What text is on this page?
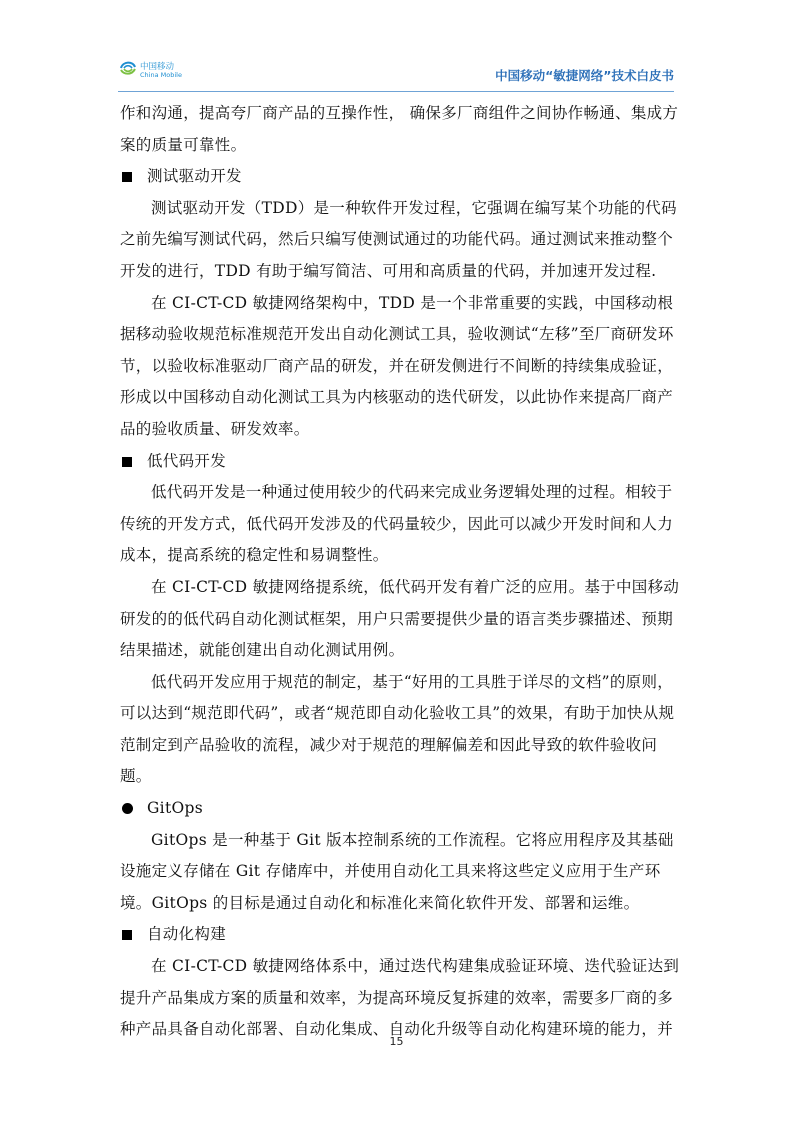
中国移动
China Mobile	中国移动“敏捷网络”技术白皮书

作和沟通，提高夸厂商产品的互操作性， 确保多厂商组件之间协作畅通、集成方案的质量可靠性。

测试驱动开发

测试驱动开发（TDD）是一种软件开发过程，它强调在编写某个功能的代码之前先编写测试代码，然后只编写使测试通过的功能代码。通过测试来推动整个开发的进行，TDD 有助于编写简洁、可用和高质量的代码，并加速开发过程.

在 CI-CT-CD 敏捷网络架构中，TDD 是一个非常重要的实践，中国移动根据移动验收规范标准规范开发出自动化测试工具，验收测试“左移”至厂商研发环节，以验收标准驱动厂商产品的研发，并在研发侧进行不间断的持续集成验证，形成以中国移动自动化测试工具为内核驱动的迭代研发，以此协作来提高厂商产品的验收质量、研发效率。

低代码开发

低代码开发是一种通过使用较少的代码来完成业务逻辑处理的过程。相较于传统的开发方式，低代码开发涉及的代码量较少，因此可以减少开发时间和人力成本，提高系统的稳定性和易调整性。

在 CI-CT-CD 敏捷网络提系统，低代码开发有着广泛的应用。基于中国移动研发的的低代码自动化测试框架，用户只需要提供少量的语言类步骤描述、预期结果描述，就能创建出自动化测试用例。

低代码开发应用于规范的制定，基于“好用的工具胜于详尽的文档”的原则，可以达到“规范即代码”，或者“规范即自动化验收工具”的效果，有助于加快从规范制定到产品验收的流程，减少对于规范的理解偏差和因此导致的软件验收问题。

GitOps

GitOps 是一种基于 Git 版本控制系统的工作流程。它将应用程序及其基础设施定义存储在 Git 存储库中，并使用自动化工具来将这些定义应用于生产环境。GitOps 的目标是通过自动化和标准化来简化软件开发、部署和运维。

自动化构建

在 CI-CT-CD 敏捷网络体系中，通过迭代构建集成验证环境、迭代验证达到提升产品集成方案的质量和效率，为提高环境反复拆建的效率，需要多厂商的多种产品具备自动化部署、自动化集成、自动化升级等自动化构建环境的能力，并

15
